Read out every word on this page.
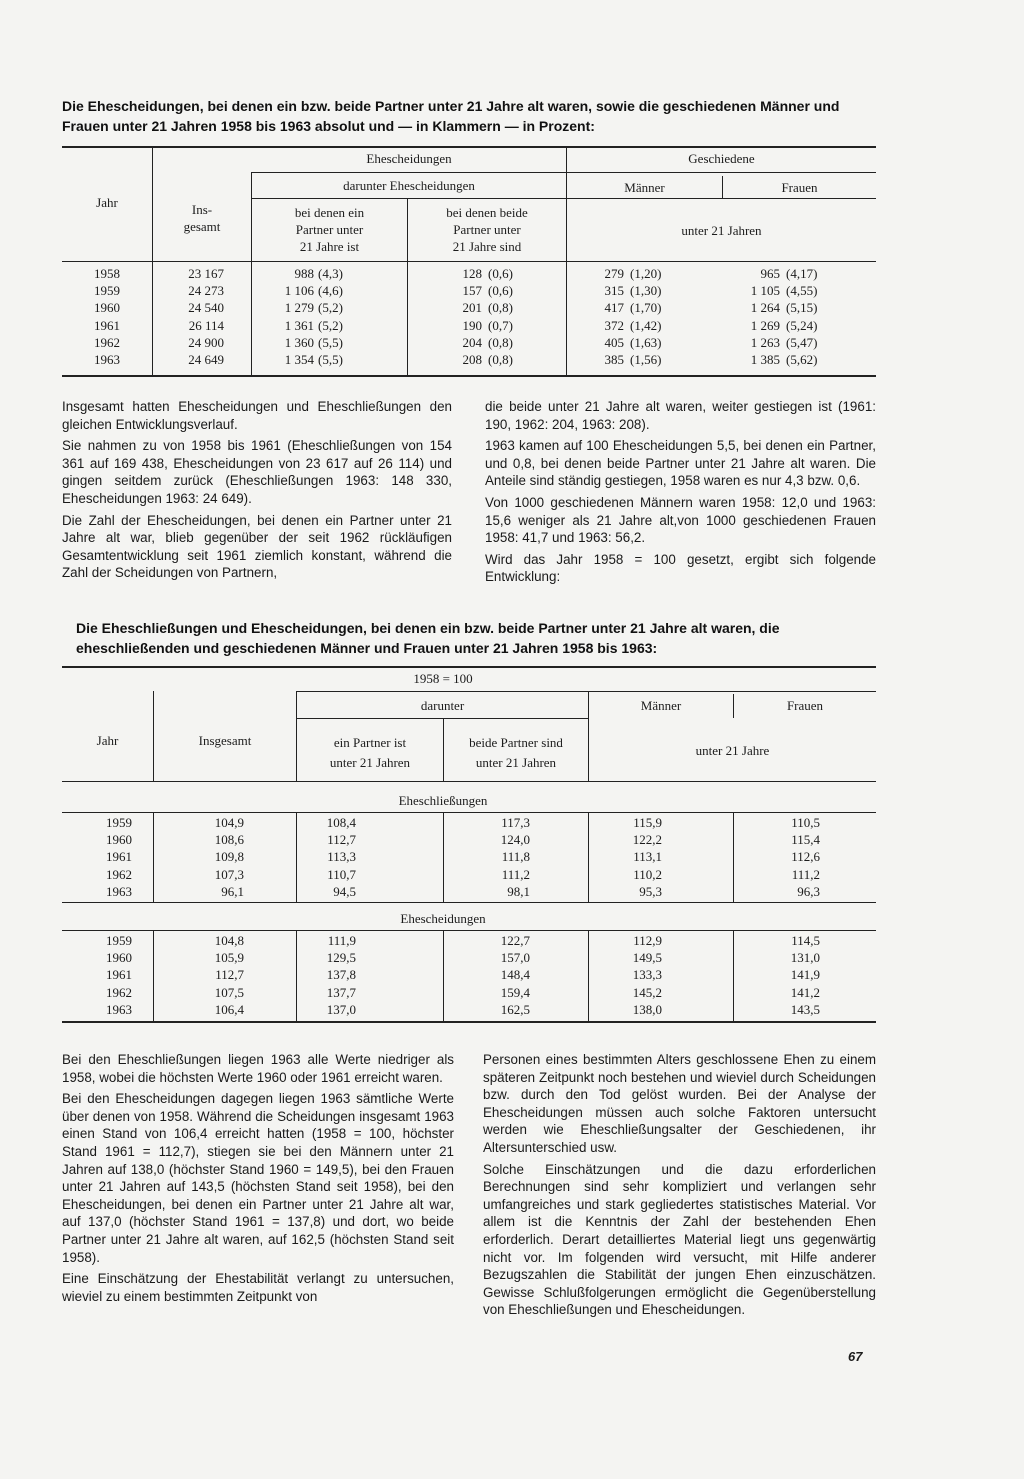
Die Ehescheidungen, bei denen ein bzw. beide Partner unter 21 Jahre alt waren, sowie die geschiedenen Männer und Frauen unter 21 Jahren 1958 bis 1963 absolut und — in Klammern — in Prozent:
Jahr
Ehescheidungen
Ins-
gesamt
darunter Ehescheidungen
bei denen ein
Partner unter
21 Jahre ist
bei denen beide
Partner unter
21 Jahre sind
Geschiedene
Männer	Frauen
unter 21 Jahren
1958	23 167	988 (4,3)	128 (0,6)	279 (1,20)	965 (4,17)
1959	24 273	1 106 (4,6)	157 (0,6)	315 (1,30)	1 105 (4,55)
1960	24 540	1 279 (5,2)	201 (0,8)	417 (1,70)	1 264 (5,15)
1961	26 114	1 361 (5,2)	190 (0,7)	372 (1,42)	1 269 (5,24)
1962	24 900	1 360 (5,5)	204 (0,8)	405 (1,63)	1 263 (5,47)
1963	24 649	1 354 (5,5)	208 (0,8)	385 (1,56)	1 385 (5,62)

Insgesamt hatten Ehescheidungen und Eheschließungen den gleichen Entwicklungsverlauf.

Sie nahmen zu von 1958 bis 1961 (Eheschließungen von 154 361 auf 169 438, Ehescheidungen von 23 617 auf 26 114) und gingen seitdem zurück (Eheschließungen 1963: 148 330, Ehescheidungen 1963: 24 649).

Die Zahl der Ehescheidungen, bei denen ein Partner unter 21 Jahre alt war, blieb gegenüber der seit 1962 rückläufigen Gesamtentwicklung seit 1961 ziemlich konstant, während die Zahl der Scheidungen von Partnern,

die beide unter 21 Jahre alt waren, weiter gestiegen ist (1961: 190, 1962: 204, 1963: 208).

1963 kamen auf 100 Ehescheidungen 5,5, bei denen ein Partner, und 0,8, bei denen beide Partner unter 21 Jahre alt waren. Die Anteile sind ständig gestiegen, 1958 waren es nur 4,3 bzw. 0,6.

Von 1000 geschiedenen Männern waren 1958: 12,0 und 1963: 15,6 weniger als 21 Jahre alt,von 1000 geschiedenen Frauen 1958: 41,7 und 1963: 56,2.

Wird das Jahr 1958 = 100 gesetzt, ergibt sich folgende Entwicklung:

Die Eheschließungen und Ehescheidungen, bei denen ein bzw. beide Partner unter 21 Jahre alt waren, die eheschließenden und geschiedenen Männer und Frauen unter 21 Jahren 1958 bis 1963:
1958 = 100
Jahr	Insgesamt
darunter
ein Partner ist
unter 21 Jahren
beide Partner sind
unter 21 Jahren
Männer	Frauen
unter 21 Jahre
Eheschließungen
Ehescheidungen
1959	104,9	108,4	117,3	115,9	110,5
1960	108,6	112,7	124,0	122,2	115,4
1961	109,8	113,3	111,8	113,1	112,6
1962	107,3	110,7	111,2	110,2	111,2
1963	96,1	94,5	98,1	95,3	96,3
1959	104,8	111,9	122,7	112,9	114,5
1960	105,9	129,5	157,0	149,5	131,0
1961	112,7	137,8	148,4	133,3	141,9
1962	107,5	137,7	159,4	145,2	141,2
1963	106,4	137,0	162,5	138,0	143,5

Bei den Eheschließungen liegen 1963 alle Werte niedriger als 1958, wobei die höchsten Werte 1960 oder 1961 erreicht waren.

Bei den Ehescheidungen dagegen liegen 1963 sämtliche Werte über denen von 1958. Während die Scheidungen insgesamt 1963 einen Stand von 106,4 erreicht hatten (1958 = 100, höchster Stand 1961 = 112,7), stiegen sie bei den Männern unter 21 Jahren auf 138,0 (höchster Stand 1960 = 149,5), bei den Frauen unter 21 Jahren auf 143,5 (höchsten Stand seit 1958), bei den Ehescheidungen, bei denen ein Partner unter 21 Jahre alt war, auf 137,0 (höchster Stand 1961 = 137,8) und dort, wo beide Partner unter 21 Jahre alt waren, auf 162,5 (höchsten Stand seit 1958).

Eine Einschätzung der Ehestabilität verlangt zu untersuchen, wieviel zu einem bestimmten Zeitpunkt von

Personen eines bestimmten Alters geschlossene Ehen zu einem späteren Zeitpunkt noch bestehen und wieviel durch Scheidungen bzw. durch den Tod gelöst wurden. Bei der Analyse der Ehescheidungen müssen auch solche Faktoren untersucht werden wie Eheschließungsalter der Geschiedenen, ihr Altersunterschied usw.

Solche Einschätzungen und die dazu erforderlichen Berechnungen sind sehr kompliziert und verlangen sehr umfangreiches und stark gegliedertes statistisches Material. Vor allem ist die Kenntnis der Zahl der bestehenden Ehen erforderlich. Derart detailliertes Material liegt uns gegenwärtig nicht vor. Im folgenden wird versucht, mit Hilfe anderer Bezugszahlen die Stabilität der jungen Ehen einzuschätzen. Gewisse Schlußfolgerungen ermöglicht die Gegenüberstellung von Eheschließungen und Ehescheidungen.

67
